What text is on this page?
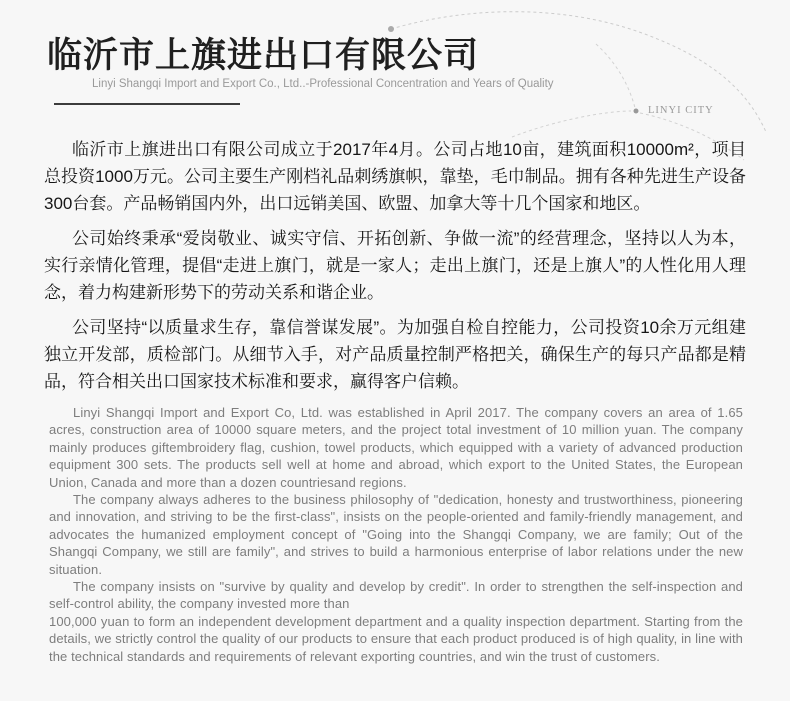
临沂市上旗进出口有限公司
Linyi Shangqi Import and Export Co., Ltd..-Professional Concentration and Years of Quality
LINYI CITY

临沂市上旗进出口有限公司成立于2017年4月。公司占地10亩，建筑面积10000m²，项目总投资1000万元。公司主要生产刚档礼品刺绣旗帜，靠垫，毛巾制品。拥有各种先进生产设备300台套。产品畅销国内外，出口远销美国、欧盟、加拿大等十几个国家和地区。

公司始终秉承“爱岗敬业、诚实守信、开拓创新、争做一流”的经营理念，坚持以人为本，实行亲情化管理，提倡“走进上旗门，就是一家人；走出上旗门，还是上旗人”的人性化用人理念，着力构建新形势下的劳动关系和谐企业。

公司坚持“以质量求生存，靠信誉谋发展”。为加强自检自控能力，公司投资10余万元组建独立开发部，质检部门。从细节入手，对产品质量控制严格把关，确保生产的每只产品都是精品，符合相关出口国家技术标准和要求，赢得客户信赖。

Linyi Shangqi Import and Export Co, Ltd. was established in April 2017. The company covers an area of 1.65 acres, construction area of 10000 square meters, and the project total investment of 10 million yuan. The company mainly produces giftembroidery flag, cushion, towel products, which equipped with a variety of advanced production equipment 300 sets. The products sell well at home and abroad, which export to the United States, the European Union, Canada and more than a dozen countriesand regions.

The company always adheres to the business philosophy of "dedication, honesty and trustworthiness, pioneering and innovation, and striving to be the first-class", insists on the people-oriented and family-friendly management, and advocates the humanized employment concept of "Going into the Shangqi Company, we are family; Out of the Shangqi Company, we still are family", and strives to build a harmonious enterprise of labor relations under the new situation.

The company insists on "survive by quality and develop by credit". In order to strengthen the self-inspection and self-control ability, the company invested more than

100,000 yuan to form an independent development department and a quality inspection department. Starting from the details, we strictly control the quality of our products to ensure that each product produced is of high quality, in line with the technical standards and requirements of relevant exporting countries, and win the trust of customers.
